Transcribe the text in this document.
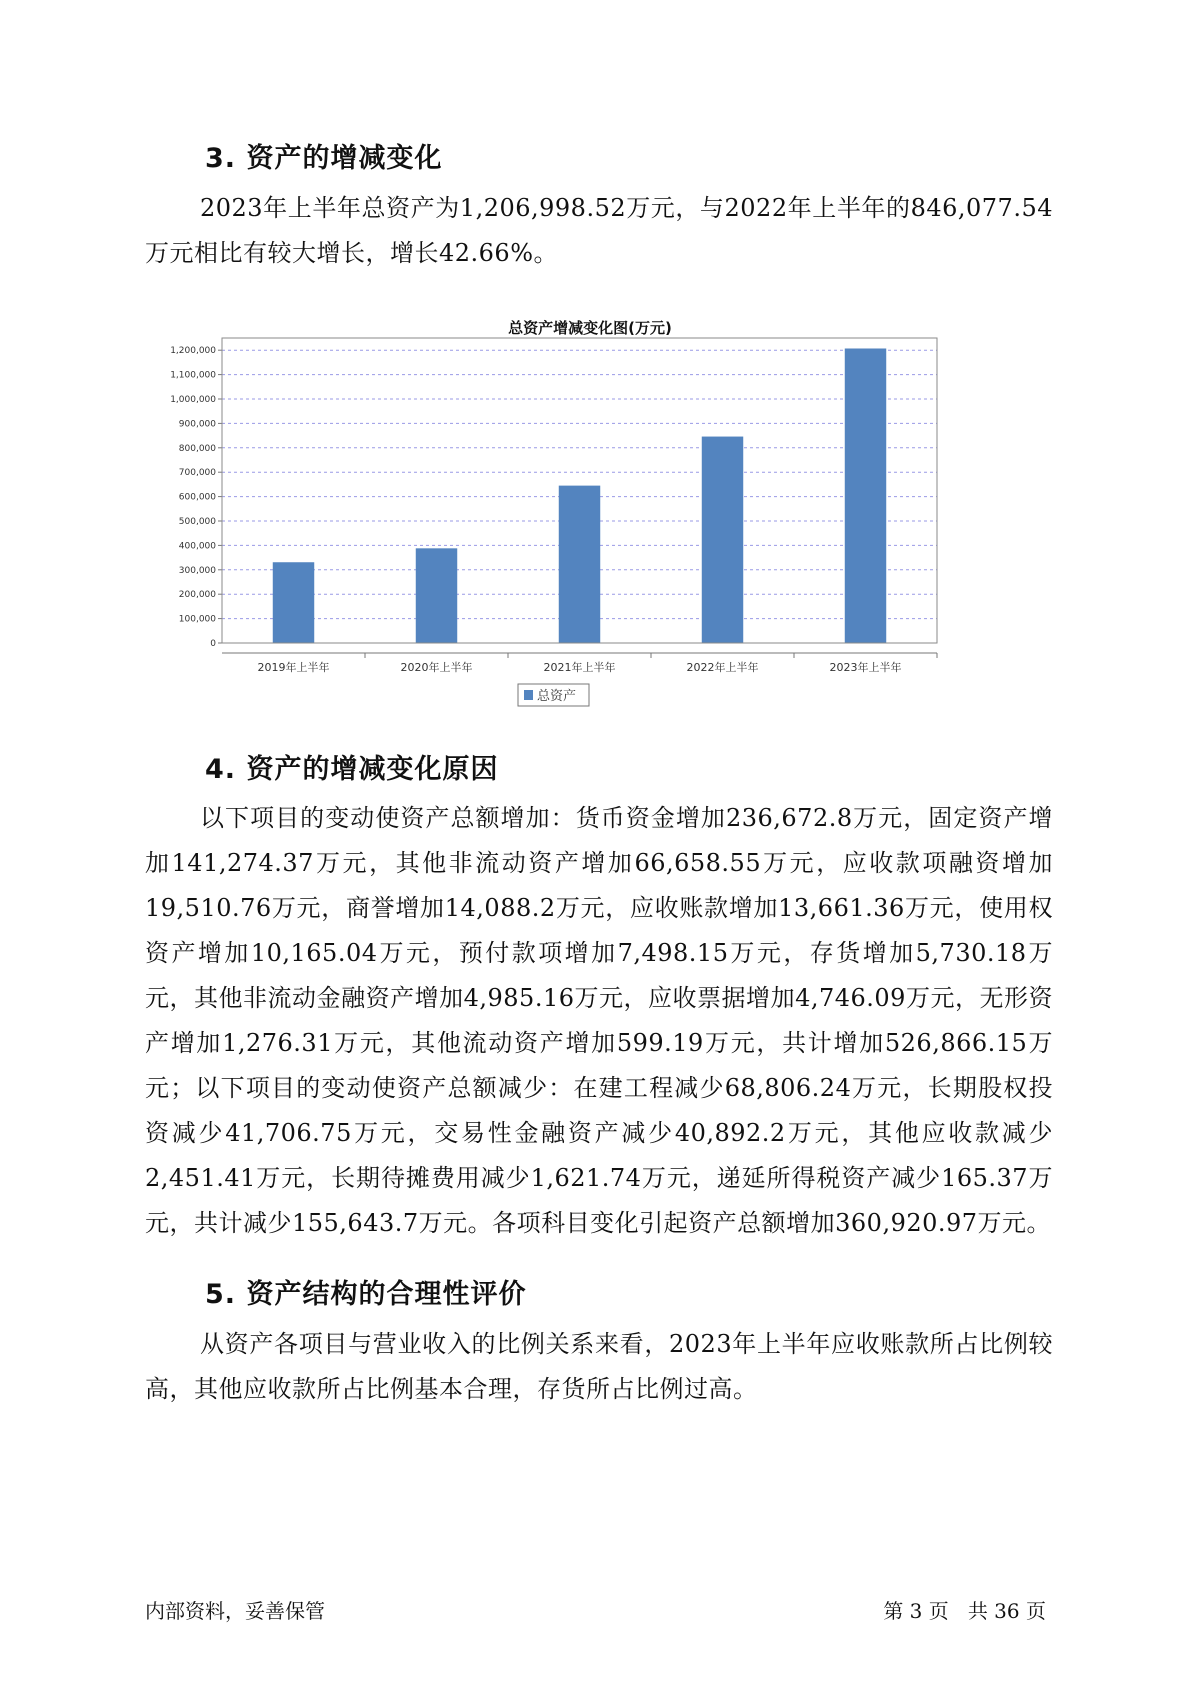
3. 资产的增减变化

2023年上半年总资产为1,206,998.52万元，与2022年上半年的846,077.54万元相比有较大增长，增长42.66%。

总资产增减变化图(万元)
0
100,000
200,000
300,000
400,000
500,000
600,000
700,000
800,000
900,000
1,000,000
1,100,000
1,200,000
2019年上半年	2020年上半年	2021年上半年	2022年上半年	2023年上半年
总资产
4. 资产的增减变化原因

以下项目的变动使资产总额增加：货币资金增加236,672.8万元，固定资产增加141,274.37万元，其他非流动资产增加66,658.55万元，应收款项融资增加19,510.76万元，商誉增加14,088.2万元，应收账款增加13,661.36万元，使用权资产增加10,165.04万元，预付款项增加7,498.15万元，存货增加5,730.18万元，其他非流动金融资产增加4,985.16万元，应收票据增加4,746.09万元，无形资产增加1,276.31万元，其他流动资产增加599.19万元，共计增加526,866.15万元；以下项目的变动使资产总额减少：在建工程减少68,806.24万元，长期股权投资减少41,706.75万元，交易性金融资产减少40,892.2万元，其他应收款减少2,451.41万元，长期待摊费用减少1,621.74万元，递延所得税资产减少165.37万元，共计减少155,643.7万元。各项科目变化引起资产总额增加360,920.97万元。

5. 资产结构的合理性评价

从资产各项目与营业收入的比例关系来看，2023年上半年应收账款所占比例较高，其他应收款所占比例基本合理，存货所占比例过高。

内部资料，妥善保管	第 3 页   共 36 页
